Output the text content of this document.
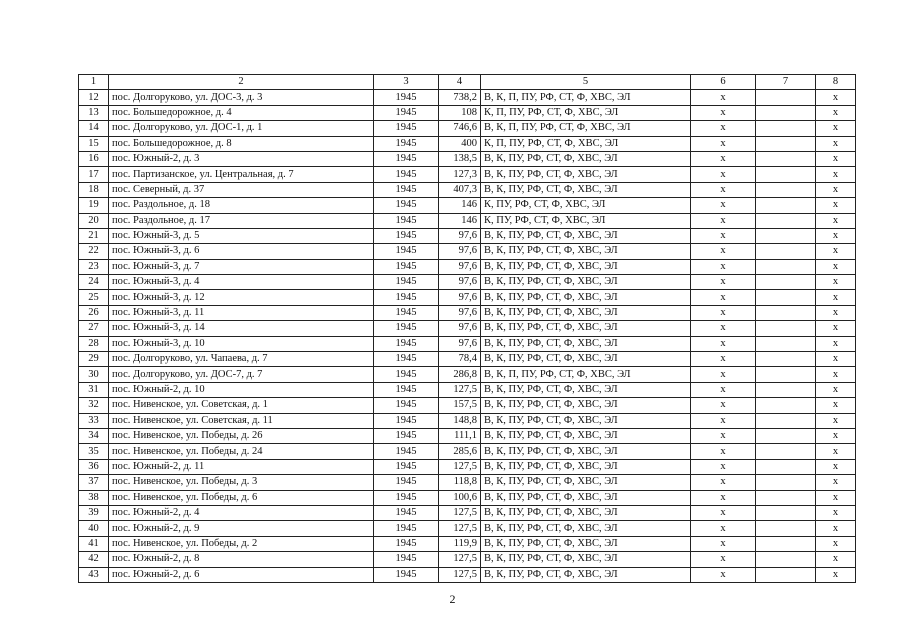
1	2	3	4	5	6	7	8
12	пос. Долгоруково, ул. ДОС-3, д. 3	1945	738,2	В, К, П, ПУ, РФ, СТ, Ф, ХВС, ЭЛ	х		х
13	пос. Большедорожное, д. 4	1945	108	К, П, ПУ, РФ, СТ, Ф, ХВС, ЭЛ	х		х
14	пос. Долгоруково, ул. ДОС-1, д. 1	1945	746,6	В, К, П, ПУ, РФ, СТ, Ф, ХВС, ЭЛ	х		х
15	пос. Большедорожное, д. 8	1945	400	К, П, ПУ, РФ, СТ, Ф, ХВС, ЭЛ	х		х
16	пос. Южный-2, д. 3	1945	138,5	В, К, ПУ, РФ, СТ, Ф, ХВС, ЭЛ	х		х
17	пос. Партизанское, ул. Центральная, д. 7	1945	127,3	В, К, ПУ, РФ, СТ, Ф, ХВС, ЭЛ	х		х
18	пос. Северный, д. 37	1945	407,3	В, К, ПУ, РФ, СТ, Ф, ХВС, ЭЛ	х		х
19	пос. Раздольное, д. 18	1945	146	К, ПУ, РФ, СТ, Ф, ХВС, ЭЛ	х		х
20	пос. Раздольное, д. 17	1945	146	К, ПУ, РФ, СТ, Ф, ХВС, ЭЛ	х		х
21	пос. Южный-3, д. 5	1945	97,6	В, К, ПУ, РФ, СТ, Ф, ХВС, ЭЛ	х		х
22	пос. Южный-3, д. 6	1945	97,6	В, К, ПУ, РФ, СТ, Ф, ХВС, ЭЛ	х		х
23	пос. Южный-3, д. 7	1945	97,6	В, К, ПУ, РФ, СТ, Ф, ХВС, ЭЛ	х		х
24	пос. Южный-3, д. 4	1945	97,6	В, К, ПУ, РФ, СТ, Ф, ХВС, ЭЛ	х		х
25	пос. Южный-3, д. 12	1945	97,6	В, К, ПУ, РФ, СТ, Ф, ХВС, ЭЛ	х		х
26	пос. Южный-3, д. 11	1945	97,6	В, К, ПУ, РФ, СТ, Ф, ХВС, ЭЛ	х		х
27	пос. Южный-3, д. 14	1945	97,6	В, К, ПУ, РФ, СТ, Ф, ХВС, ЭЛ	х		х
28	пос. Южный-3, д. 10	1945	97,6	В, К, ПУ, РФ, СТ, Ф, ХВС, ЭЛ	х		х
29	пос. Долгоруково, ул. Чапаева, д. 7	1945	78,4	В, К, ПУ, РФ, СТ, Ф, ХВС, ЭЛ	х		х
30	пос. Долгоруково, ул. ДОС-7, д. 7	1945	286,8	В, К, П, ПУ, РФ, СТ, Ф, ХВС, ЭЛ	х		х
31	пос. Южный-2, д. 10	1945	127,5	В, К, ПУ, РФ, СТ, Ф, ХВС, ЭЛ	х		х
32	пос. Нивенское, ул. Советская, д. 1	1945	157,5	В, К, ПУ, РФ, СТ, Ф, ХВС, ЭЛ	х		х
33	пос. Нивенское, ул. Советская, д. 11	1945	148,8	В, К, ПУ, РФ, СТ, Ф, ХВС, ЭЛ	х		х
34	пос. Нивенское, ул. Победы, д. 26	1945	111,1	В, К, ПУ, РФ, СТ, Ф, ХВС, ЭЛ	х		х
35	пос. Нивенское, ул. Победы, д. 24	1945	285,6	В, К, ПУ, РФ, СТ, Ф, ХВС, ЭЛ	х		х
36	пос. Южный-2, д. 11	1945	127,5	В, К, ПУ, РФ, СТ, Ф, ХВС, ЭЛ	х		х
37	пос. Нивенское, ул. Победы, д. 3	1945	118,8	В, К, ПУ, РФ, СТ, Ф, ХВС, ЭЛ	х		х
38	пос. Нивенское, ул. Победы, д. 6	1945	100,6	В, К, ПУ, РФ, СТ, Ф, ХВС, ЭЛ	х		х
39	пос. Южный-2, д. 4	1945	127,5	В, К, ПУ, РФ, СТ, Ф, ХВС, ЭЛ	х		х
40	пос. Южный-2, д. 9	1945	127,5	В, К, ПУ, РФ, СТ, Ф, ХВС, ЭЛ	х		х
41	пос. Нивенское, ул. Победы, д. 2	1945	119,9	В, К, ПУ, РФ, СТ, Ф, ХВС, ЭЛ	х		х
42	пос. Южный-2, д. 8	1945	127,5	В, К, ПУ, РФ, СТ, Ф, ХВС, ЭЛ	х		х
43	пос. Южный-2, д. 6	1945	127,5	В, К, ПУ, РФ, СТ, Ф, ХВС, ЭЛ	х		х
2
